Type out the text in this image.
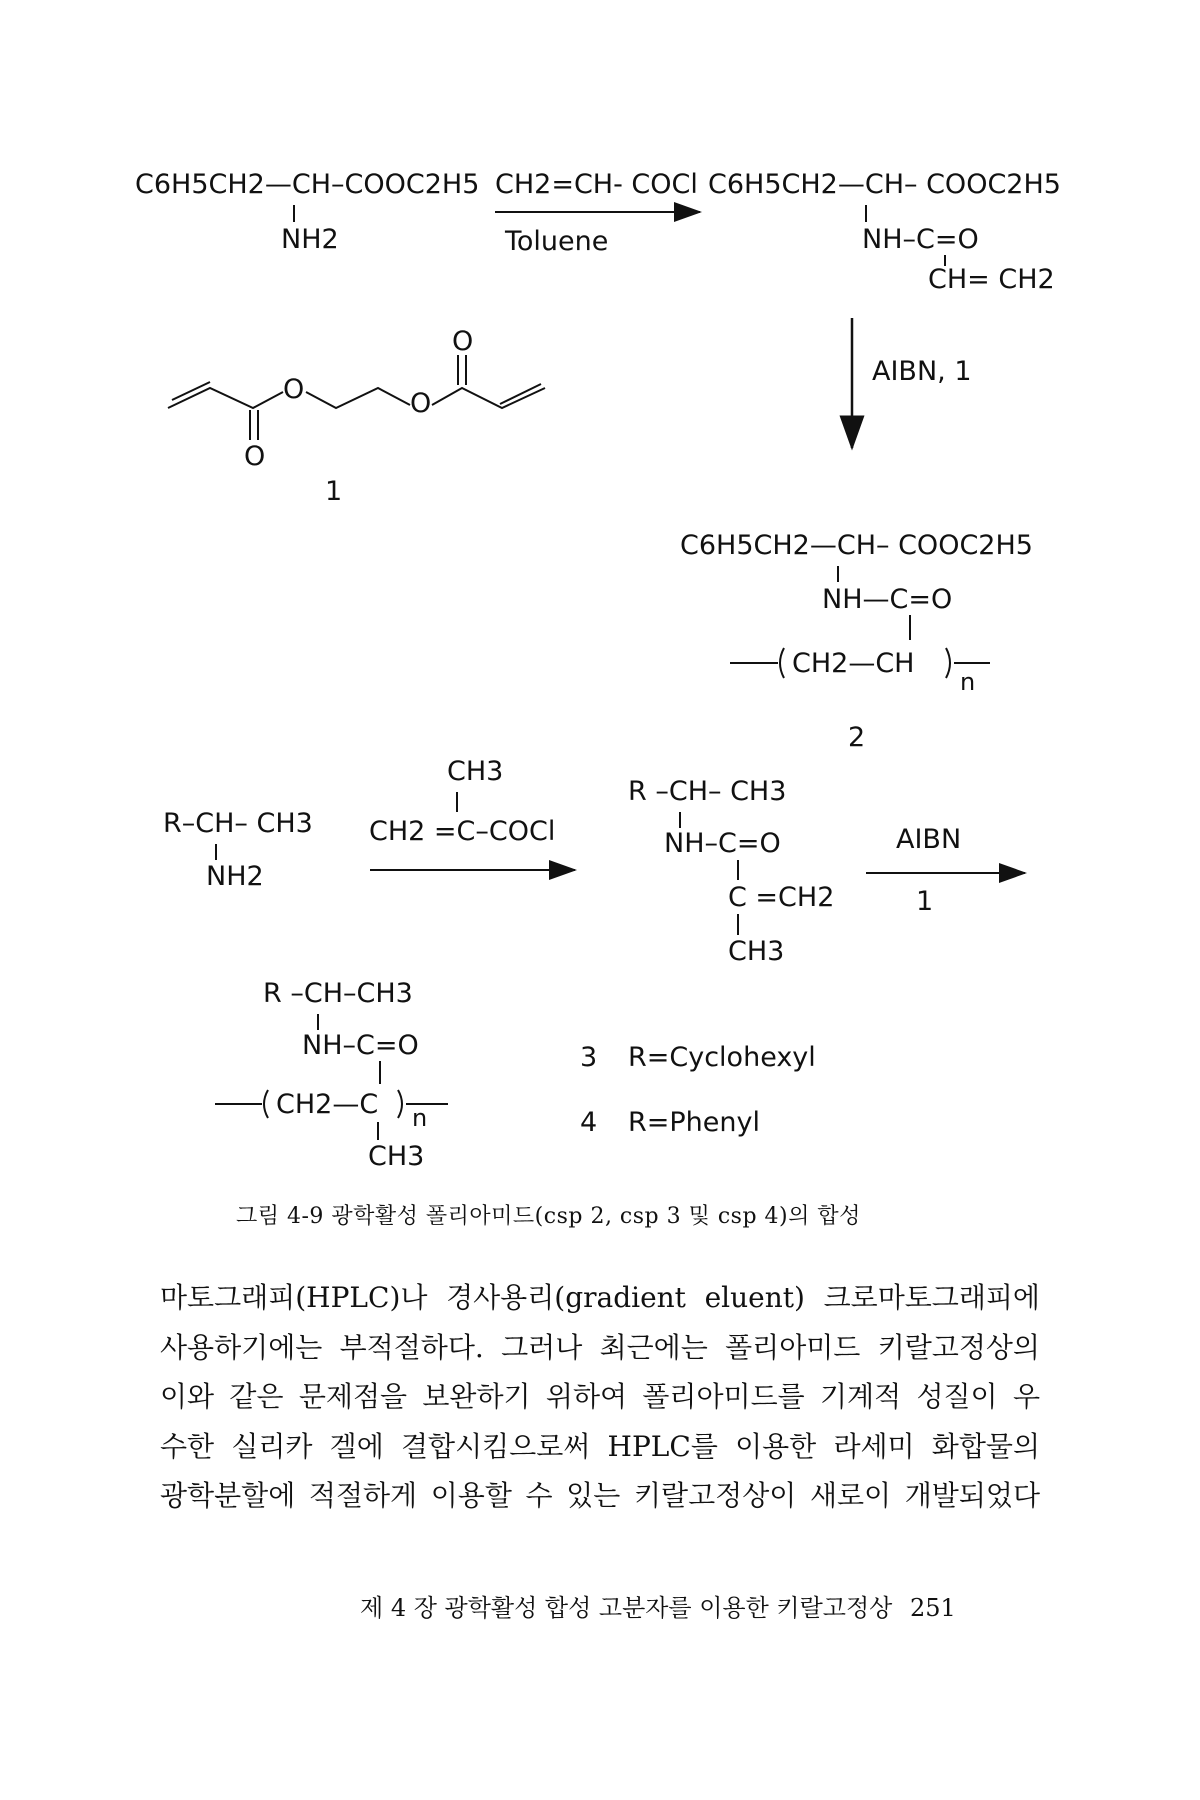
C6H5CH2—CH–COOC2H5
NH2
CH2=CH- COCl
Toluene
C6H5CH2—CH– COOC2H5
NH–C=O
CH= CH2
AIBN, 1
O	O
O
O
1
C6H5CH2—CH– COOC2H5
NH—C=O
CH2—CH
n
2
R–CH– CH3
NH2
CH3
CH2 =C–COCl
R –CH– CH3
NH–C=O
C =CH2
CH3
AIBN
1
R –CH–CH3
NH–C=O
CH2—C n
CH3
3 R=Cyclohexyl
4 R=Phenyl
그림 4-9 광학활성 폴리아미드(csp 2, csp 3 및 csp 4)의 합성
마토그래피(HPLC)나 경사용리(gradient eluent) 크로마토그래피에
사용하기에는 부적절하다. 그러나 최근에는 폴리아미드 키랄고정상의
이와 같은 문제점을 보완하기 위하여 폴리아미드를 기계적 성질이 우
수한 실리카 겔에 결합시킴으로써 HPLC를 이용한 라세미 화합물의
광학분할에 적절하게 이용할 수 있는 키랄고정상이 새로이 개발되었다
제 4 장 광학활성 합성 고분자를 이용한 키랄고정상 251
